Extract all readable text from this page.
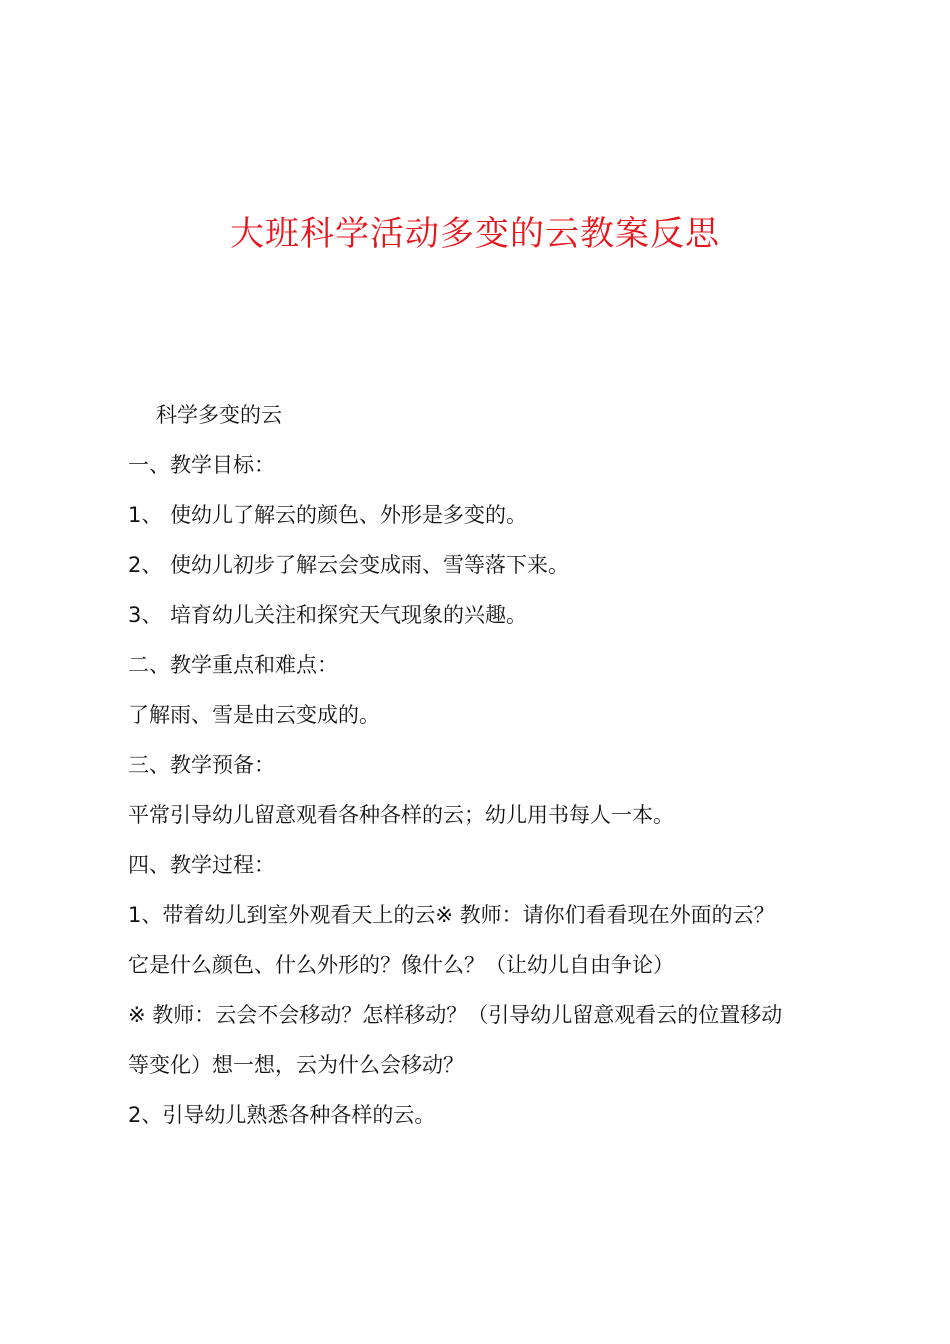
大班科学活动多变的云教案反思

科学多变的云

一、教学目标：

1、 使幼儿了解云的颜色、外形是多变的。

2、 使幼儿初步了解云会变成雨、雪等落下来。

3、 培育幼儿关注和探究天气现象的兴趣。

二、教学重点和难点：

了解雨、雪是由云变成的。

三、教学预备：

平常引导幼儿留意观看各种各样的云；幼儿用书每人一本。

四、教学过程：

1、带着幼儿到室外观看天上的云※ 教师：请你们看看现在外面的云？

它是什么颜色、什么外形的？像什么？（让幼儿自由争论）

※ 教师：云会不会移动？怎样移动？（引导幼儿留意观看云的位置移动

等变化）想一想，云为什么会移动？

2、引导幼儿熟悉各种各样的云。
